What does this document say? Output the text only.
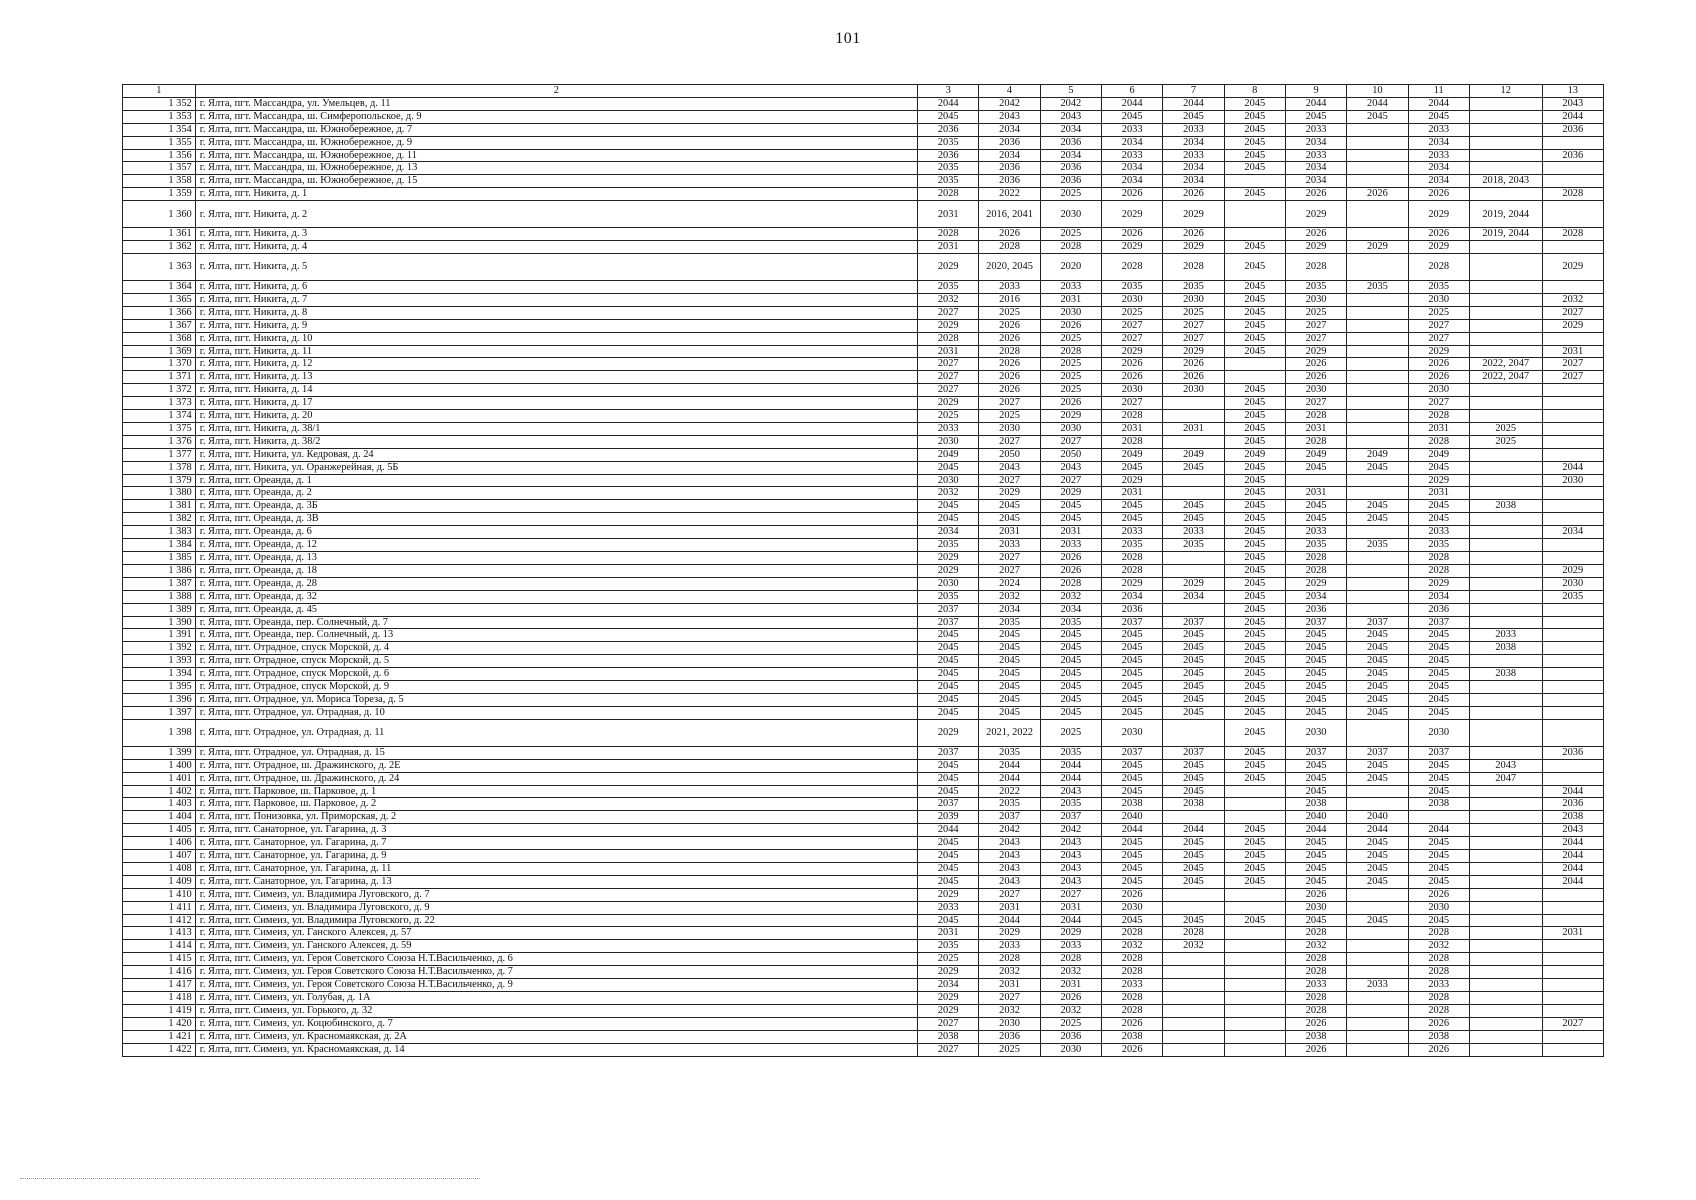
101
1	2	3	4	5	6	7	8	9	10	11	12	13
1 352	г. Ялта, пгт. Массандра, ул. Умельцев, д. 11	2044	2042	2042	2044	2044	2045	2044	2044	2044		2043
1 353	г. Ялта, пгт. Массандра, ш. Симферопольское, д. 9	2045	2043	2043	2045	2045	2045	2045	2045	2045		2044
1 354	г. Ялта, пгт. Массандра, ш. Южнобережное, д. 7	2036	2034	2034	2033	2033	2045	2033		2033		2036
1 355	г. Ялта, пгт. Массандра, ш. Южнобережное, д. 9	2035	2036	2036	2034	2034	2045	2034		2034		
1 356	г. Ялта, пгт. Массандра, ш. Южнобережное, д. 11	2036	2034	2034	2033	2033	2045	2033		2033		2036
1 357	г. Ялта, пгт. Массандра, ш. Южнобережное, д. 13	2035	2036	2036	2034	2034	2045	2034		2034		
1 358	г. Ялта, пгт. Массандра, ш. Южнобережное, д. 15	2035	2036	2036	2034	2034		2034		2034	2018, 2043	
1 359	г. Ялта, пгт. Никита, д. 1	2028	2022	2025	2026	2026	2045	2026	2026	2026		2028
1 360	г. Ялта, пгт. Никита, д. 2	2031	2016, 2041	2030	2029	2029		2029		2029	2019, 2044	
1 361	г. Ялта, пгт. Никита, д. 3	2028	2026	2025	2026	2026		2026		2026	2019, 2044	2028
1 362	г. Ялта, пгт. Никита, д. 4	2031	2028	2028	2029	2029	2045	2029	2029	2029		
1 363	г. Ялта, пгт. Никита, д. 5	2029	2020, 2045	2020	2028	2028	2045	2028		2028		2029
1 364	г. Ялта, пгт. Никита, д. 6	2035	2033	2033	2035	2035	2045	2035	2035	2035		
1 365	г. Ялта, пгт. Никита, д. 7	2032	2016	2031	2030	2030	2045	2030		2030		2032
1 366	г. Ялта, пгт. Никита, д. 8	2027	2025	2030	2025	2025	2045	2025		2025		2027
1 367	г. Ялта, пгт. Никита, д. 9	2029	2026	2026	2027	2027	2045	2027		2027		2029
1 368	г. Ялта, пгт. Никита, д. 10	2028	2026	2025	2027	2027	2045	2027		2027		
1 369	г. Ялта, пгт. Никита, д. 11	2031	2028	2028	2029	2029	2045	2029		2029		2031
1 370	г. Ялта, пгт. Никита, д. 12	2027	2026	2025	2026	2026		2026		2026	2022, 2047	2027
1 371	г. Ялта, пгт. Никита, д. 13	2027	2026	2025	2026	2026		2026		2026	2022, 2047	2027
1 372	г. Ялта, пгт. Никита, д. 14	2027	2026	2025	2030	2030	2045	2030		2030		
1 373	г. Ялта, пгт. Никита, д. 17	2029	2027	2026	2027		2045	2027		2027		
1 374	г. Ялта, пгт. Никита, д. 20	2025	2025	2029	2028		2045	2028		2028		
1 375	г. Ялта, пгт. Никита, д. 38/1	2033	2030	2030	2031	2031	2045	2031		2031	2025	
1 376	г. Ялта, пгт. Никита, д. 38/2	2030	2027	2027	2028		2045	2028		2028	2025	
1 377	г. Ялта, пгт. Никита, ул. Кедровая, д. 24	2049	2050	2050	2049	2049	2049	2049	2049	2049		
1 378	г. Ялта, пгт. Никита, ул. Оранжерейная, д. 5Б	2045	2043	2043	2045	2045	2045	2045	2045	2045		2044
1 379	г. Ялта, пгт. Ореанда, д. 1	2030	2027	2027	2029		2045			2029		2030
1 380	г. Ялта, пгт. Ореанда, д. 2	2032	2029	2029	2031		2045	2031		2031		
1 381	г. Ялта, пгт. Ореанда, д. 3Б	2045	2045	2045	2045	2045	2045	2045	2045	2045	2038	
1 382	г. Ялта, пгт. Ореанда, д. 3В	2045	2045	2045	2045	2045	2045	2045	2045	2045		
1 383	г. Ялта, пгт. Ореанда, д. 6	2034	2031	2031	2033	2033	2045	2033		2033		2034
1 384	г. Ялта, пгт. Ореанда, д. 12	2035	2033	2033	2035	2035	2045	2035	2035	2035		
1 385	г. Ялта, пгт. Ореанда, д. 13	2029	2027	2026	2028		2045	2028		2028		
1 386	г. Ялта, пгт. Ореанда, д. 18	2029	2027	2026	2028		2045	2028		2028		2029
1 387	г. Ялта, пгт. Ореанда, д. 28	2030	2024	2028	2029	2029	2045	2029		2029		2030
1 388	г. Ялта, пгт. Ореанда, д. 32	2035	2032	2032	2034	2034	2045	2034		2034		2035
1 389	г. Ялта, пгт. Ореанда, д. 45	2037	2034	2034	2036		2045	2036		2036		
1 390	г. Ялта, пгт. Ореанда, пер. Солнечный, д. 7	2037	2035	2035	2037	2037	2045	2037	2037	2037		
1 391	г. Ялта, пгт. Ореанда, пер. Солнечный, д. 13	2045	2045	2045	2045	2045	2045	2045	2045	2045	2033	
1 392	г. Ялта, пгт. Отрадное, спуск Морской, д. 4	2045	2045	2045	2045	2045	2045	2045	2045	2045	2038	
1 393	г. Ялта, пгт. Отрадное, спуск Морской, д. 5	2045	2045	2045	2045	2045	2045	2045	2045	2045		
1 394	г. Ялта, пгт. Отрадное, спуск Морской, д. 6	2045	2045	2045	2045	2045	2045	2045	2045	2045	2038	
1 395	г. Ялта, пгт. Отрадное, спуск Морской, д. 9	2045	2045	2045	2045	2045	2045	2045	2045	2045		
1 396	г. Ялта, пгт. Отрадное, ул. Мориса Тореза, д. 5	2045	2045	2045	2045	2045	2045	2045	2045	2045		
1 397	г. Ялта, пгт. Отрадное, ул. Отрадная, д. 10	2045	2045	2045	2045	2045	2045	2045	2045	2045		
1 398	г. Ялта, пгт. Отрадное, ул. Отрадная, д. 11	2029	2021, 2022	2025	2030		2045	2030		2030		
1 399	г. Ялта, пгт. Отрадное, ул. Отрадная, д. 15	2037	2035	2035	2037	2037	2045	2037	2037	2037		2036
1 400	г. Ялта, пгт. Отрадное, ш. Дражинского, д. 2Е	2045	2044	2044	2045	2045	2045	2045	2045	2045	2043	
1 401	г. Ялта, пгт. Отрадное, ш. Дражинского, д. 24	2045	2044	2044	2045	2045	2045	2045	2045	2045	2047	
1 402	г. Ялта, пгт. Парковое, ш. Парковое, д. 1	2045	2022	2043	2045	2045		2045		2045		2044
1 403	г. Ялта, пгт. Парковое, ш. Парковое, д. 2	2037	2035	2035	2038	2038		2038		2038		2036
1 404	г. Ялта, пгт. Понизовка, ул. Приморская, д. 2	2039	2037	2037	2040			2040	2040			2038
1 405	г. Ялта, пгт. Санаторное, ул. Гагарина, д. 3	2044	2042	2042	2044	2044	2045	2044	2044	2044		2043
1 406	г. Ялта, пгт. Санаторное, ул. Гагарина, д. 7	2045	2043	2043	2045	2045	2045	2045	2045	2045		2044
1 407	г. Ялта, пгт. Санаторное, ул. Гагарина, д. 9	2045	2043	2043	2045	2045	2045	2045	2045	2045		2044
1 408	г. Ялта, пгт. Санаторное, ул. Гагарина, д. 11	2045	2043	2043	2045	2045	2045	2045	2045	2045		2044
1 409	г. Ялта, пгт. Санаторное, ул. Гагарина, д. 13	2045	2043	2043	2045	2045	2045	2045	2045	2045		2044
1 410	г. Ялта, пгт. Симеиз, ул. Владимира Луговского, д. 7	2029	2027	2027	2026			2026		2026		
1 411	г. Ялта, пгт. Симеиз, ул. Владимира Луговского, д. 9	2033	2031	2031	2030			2030		2030		
1 412	г. Ялта, пгт. Симеиз, ул. Владимира Луговского, д. 22	2045	2044	2044	2045	2045	2045	2045	2045	2045		
1 413	г. Ялта, пгт. Симеиз, ул. Ганского Алексея, д. 57	2031	2029	2029	2028	2028		2028		2028		2031
1 414	г. Ялта, пгт. Симеиз, ул. Ганского Алексея, д. 59	2035	2033	2033	2032	2032		2032		2032		
1 415	г. Ялта, пгт. Симеиз, ул. Героя Советского Союза Н.Т.Васильченко, д. 6	2025	2028	2028	2028			2028		2028		
1 416	г. Ялта, пгт. Симеиз, ул. Героя Советского Союза Н.Т.Васильченко, д. 7	2029	2032	2032	2028			2028		2028		
1 417	г. Ялта, пгт. Симеиз, ул. Героя Советского Союза Н.Т.Васильченко, д. 9	2034	2031	2031	2033			2033	2033	2033		
1 418	г. Ялта, пгт. Симеиз, ул. Голубая, д. 1А	2029	2027	2026	2028			2028		2028		
1 419	г. Ялта, пгт. Симеиз, ул. Горького, д. 32	2029	2032	2032	2028			2028		2028		
1 420	г. Ялта, пгт. Симеиз, ул. Коцюбинского, д. 7	2027	2030	2025	2026			2026		2026		2027
1 421	г. Ялта, пгт. Симеиз, ул. Красномаякская, д. 2А	2038	2036	2036	2038			2038		2038		
1 422	г. Ялта, пгт. Симеиз, ул. Красномаякская, д. 14	2027	2025	2030	2026			2026		2026		
